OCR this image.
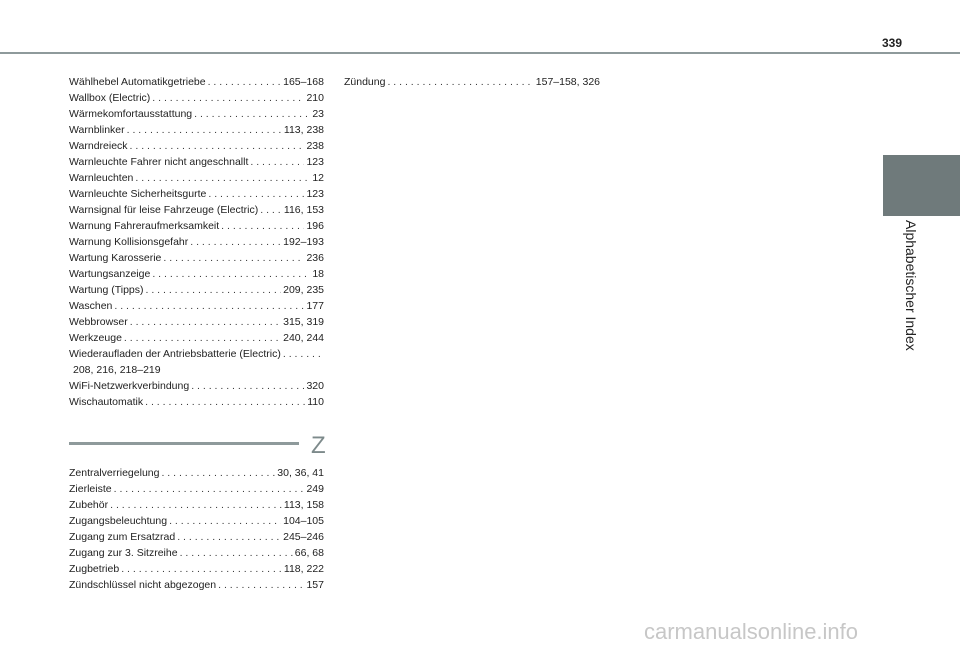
339
Alphabetischer Index
Wählhebel Automatikgetriebe . . .	165–168
Wallbox (Electric) . . .	210
Wärmekomfortausstattung . . .	23
Warnblinker . . .	113, 238
Warndreieck . . .	238
Warnleuchte Fahrer nicht angeschnallt . . .	123
Warnleuchten . . .	12
Warnleuchte Sicherheitsgurte . . .	123
Warnsignal für leise Fahrzeuge (Electric) . . . 116, 153
Warnung Fahreraufmerksamkeit . . .	196
Warnung Kollisionsgefahr . . .	192–193
Wartung Karosserie . . .	236
Wartungsanzeige . . .	18
Wartung (Tipps) . . .	209, 235
Waschen . . .	177
Webbrowser . . .	315, 319
Werkzeuge . . .	240, 244
Wiederaufladen der Antriebsbatterie (Electric)
. . .
208, 216, 218–219
WiFi-Netzwerkverbindung . . .	320
Wischautomatik . . .	110
Z
Zentralverriegelung . . .	30, 36, 41
Zierleiste . . .	249
Zubehör . . .	113, 158
Zugangsbeleuchtung . . .	104–105
Zugang zum Ersatzrad . . .	245–246
Zugang zur 3. Sitzreihe . . .	66, 68
Zugbetrieb . . .	118, 222
Zündschlüssel nicht abgezogen . . .	157
Zündung . . .	157–158, 326
carmanualsonline.info
